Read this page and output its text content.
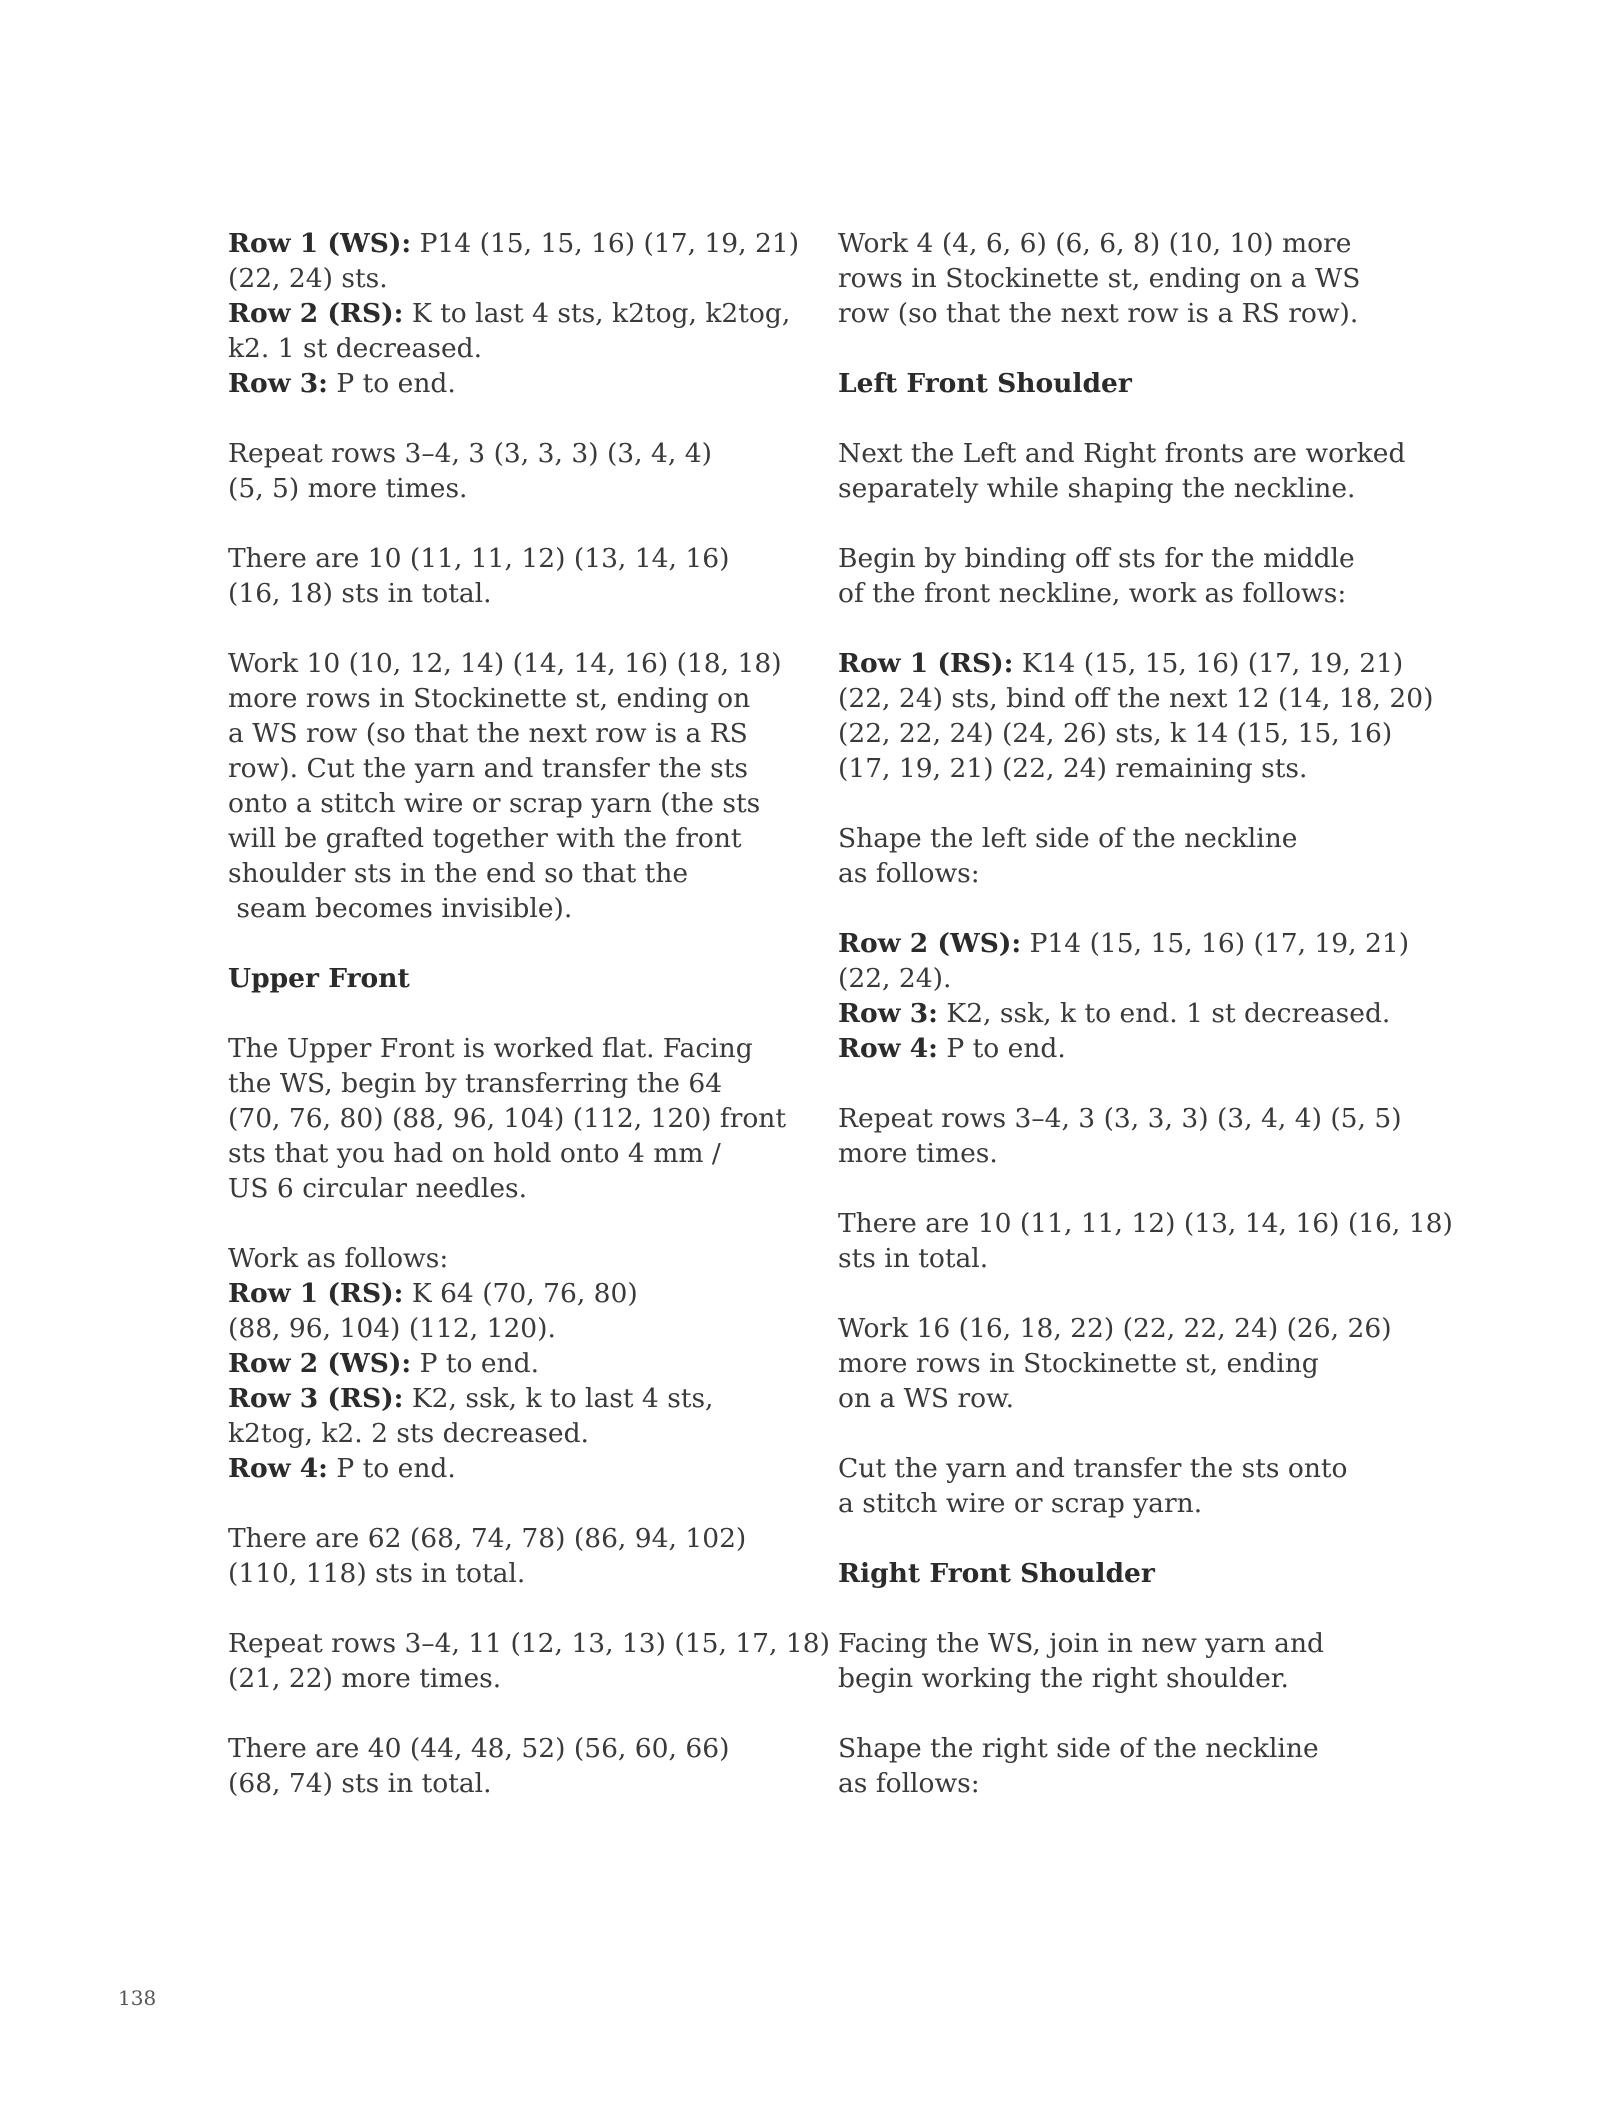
Row 1 (WS): P14 (15, 15, 16) (17, 19, 21)
(22, 24) sts.
Row 2 (RS): K to last 4 sts, k2tog, k2tog,
k2. 1 st decreased.
Row 3: P to end.

Repeat rows 3–4, 3 (3, 3, 3) (3, 4, 4)
(5, 5) more times.

There are 10 (11, 11, 12) (13, 14, 16)
(16, 18) sts in total.

Work 10 (10, 12, 14) (14, 14, 16) (18, 18)
more rows in Stockinette st, ending on
a WS row (so that the next row is a RS
row). Cut the yarn and transfer the sts
onto a stitch wire or scrap yarn (the sts
will be grafted together with the front
shoulder sts in the end so that the
seam becomes invisible).

Upper Front

The Upper Front is worked flat. Facing
the WS, begin by transferring the 64
(70, 76, 80) (88, 96, 104) (112, 120) front
sts that you had on hold onto 4 mm /
US 6 circular needles.

Work as follows:
Row 1 (RS): K 64 (70, 76, 80)
(88, 96, 104) (112, 120).
Row 2 (WS): P to end.
Row 3 (RS): K2, ssk, k to last 4 sts,
k2tog, k2. 2 sts decreased.
Row 4: P to end.

There are 62 (68, 74, 78) (86, 94, 102)
(110, 118) sts in total.

Repeat rows 3–4, 11 (12, 13, 13) (15, 17, 18)
(21, 22) more times.

There are 40 (44, 48, 52) (56, 60, 66)
(68, 74) sts in total.

Work 4 (4, 6, 6) (6, 6, 8) (10, 10) more
rows in Stockinette st, ending on a WS
row (so that the next row is a RS row).

Left Front Shoulder

Next the Left and Right fronts are worked
separately while shaping the neckline.

Begin by binding off sts for the middle
of the front neckline, work as follows:

Row 1 (RS): K14 (15, 15, 16) (17, 19, 21)
(22, 24) sts, bind off the next 12 (14, 18, 20)
(22, 22, 24) (24, 26) sts, k 14 (15, 15, 16)
(17, 19, 21) (22, 24) remaining sts.

Shape the left side of the neckline
as follows:

Row 2 (WS): P14 (15, 15, 16) (17, 19, 21)
(22, 24).
Row 3: K2, ssk, k to end. 1 st decreased.
Row 4: P to end.

Repeat rows 3–4, 3 (3, 3, 3) (3, 4, 4) (5, 5)
more times.

There are 10 (11, 11, 12) (13, 14, 16) (16, 18)
sts in total.

Work 16 (16, 18, 22) (22, 22, 24) (26, 26)
more rows in Stockinette st, ending
on a WS row.

Cut the yarn and transfer the sts onto
a stitch wire or scrap yarn.

Right Front Shoulder

Facing the WS, join in new yarn and
begin working the right shoulder.

Shape the right side of the neckline
as follows:

138
